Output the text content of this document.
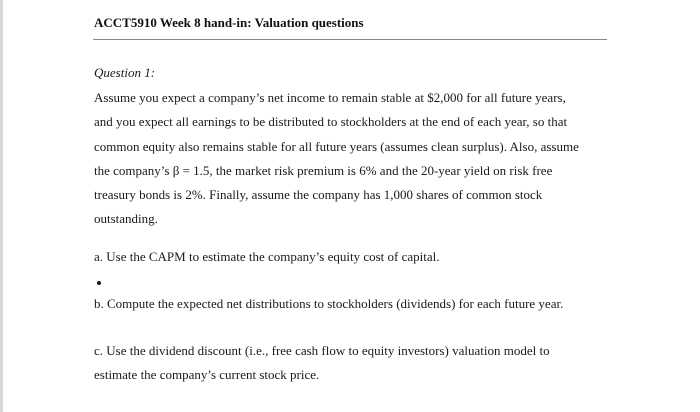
ACCT5910 Week 8 hand-in: Valuation questions
Question 1:
Assume you expect a company’s net income to remain stable at $2,000 for all future years,
and you expect all earnings to be distributed to stockholders at the end of each year, so that
common equity also remains stable for all future years (assumes clean surplus). Also, assume
the company’s β = 1.5, the market risk premium is 6% and the 20-year yield on risk free
treasury bonds is 2%. Finally, assume the company has 1,000 shares of common stock
outstanding.
a. Use the CAPM to estimate the company’s equity cost of capital.
b. Compute the expected net distributions to stockholders (dividends) for each future year.
c. Use the dividend discount (i.e., free cash flow to equity investors) valuation model to
estimate the company’s current stock price.
